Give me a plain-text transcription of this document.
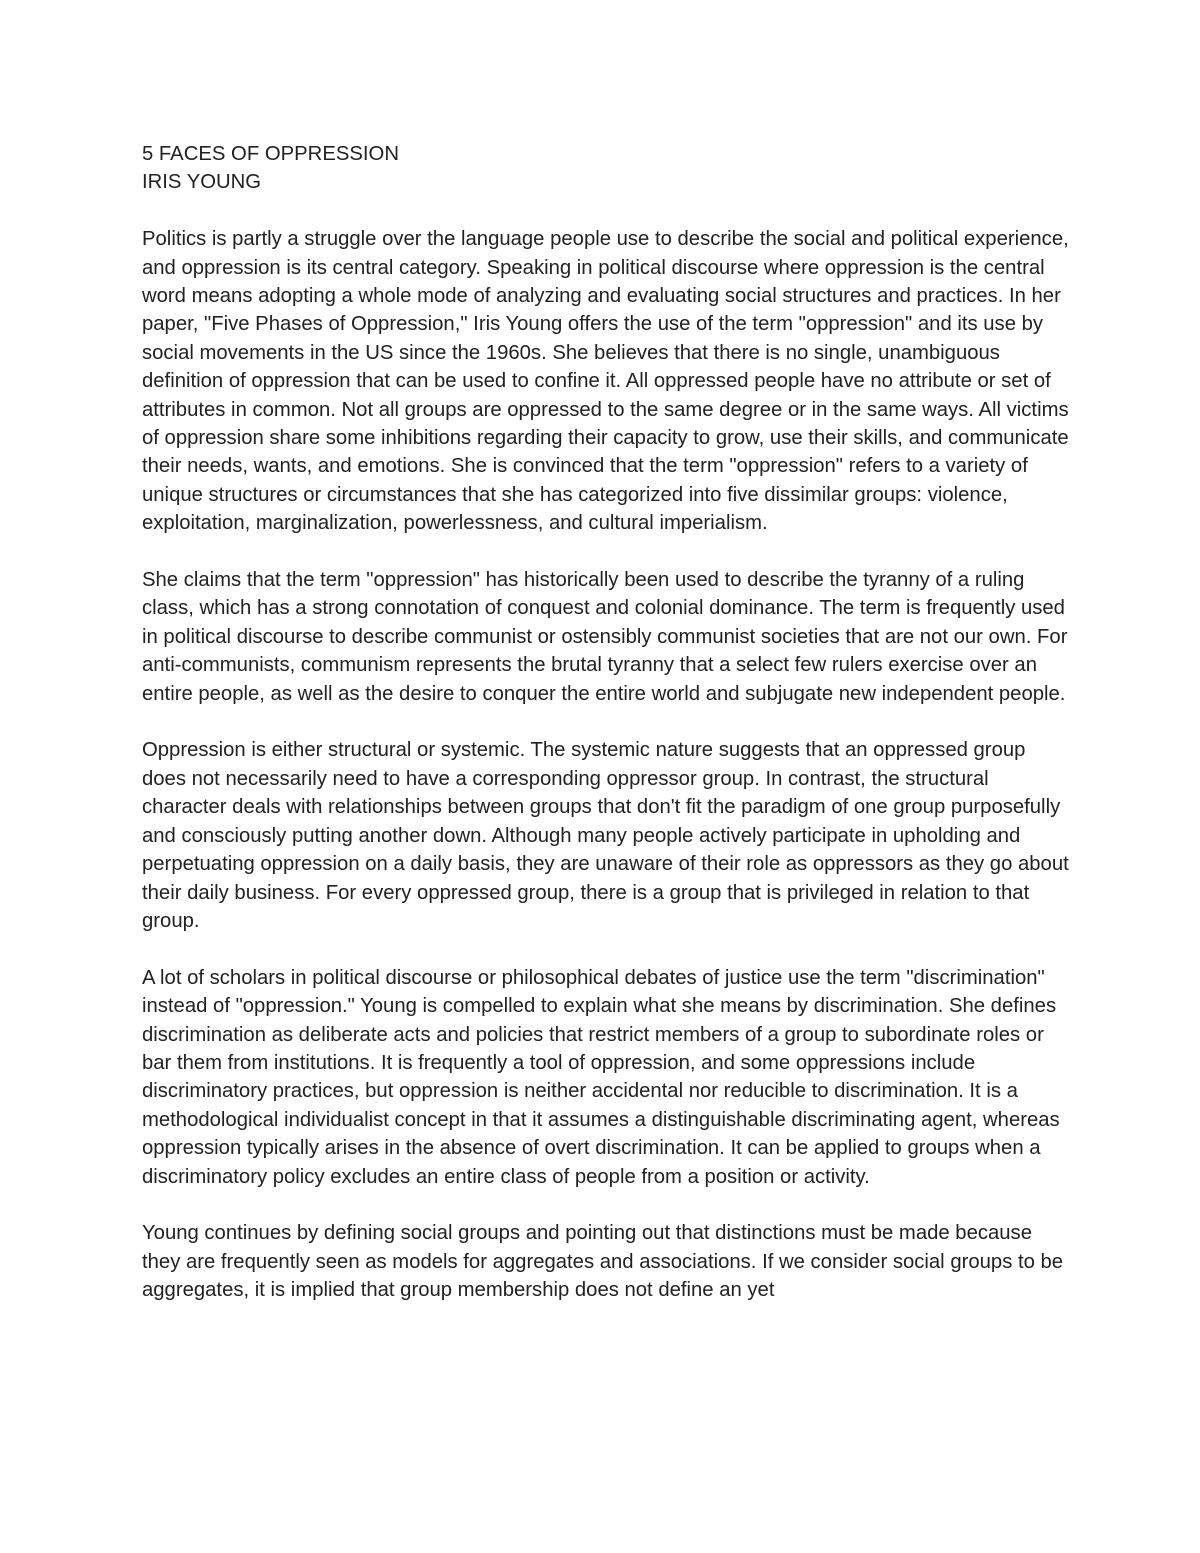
5 FACES OF OPPRESSION
IRIS YOUNG

Politics is partly a struggle over the language people use to describe the social and political experience, and oppression is its central category. Speaking in political discourse where oppression is the central word means adopting a whole mode of analyzing and evaluating social structures and practices. In her paper, "Five Phases of Oppression," Iris Young offers the use of the term "oppression" and its use by social movements in the US since the 1960s. She believes that there is no single, unambiguous definition of oppression that can be used to confine it. All oppressed people have no attribute or set of attributes in common. Not all groups are oppressed to the same degree or in the same ways. All victims of oppression share some inhibitions regarding their capacity to grow, use their skills, and communicate their needs, wants, and emotions. She is convinced that the term "oppression" refers to a variety of unique structures or circumstances that she has categorized into five dissimilar groups: violence, exploitation, marginalization, powerlessness, and cultural imperialism.

She claims that the term "oppression" has historically been used to describe the tyranny of a ruling class, which has a strong connotation of conquest and colonial dominance. The term is frequently used in political discourse to describe communist or ostensibly communist societies that are not our own. For anti-communists, communism represents the brutal tyranny that a select few rulers exercise over an entire people, as well as the desire to conquer the entire world and subjugate new independent people.

Oppression is either structural or systemic. The systemic nature suggests that an oppressed group does not necessarily need to have a corresponding oppressor group. In contrast, the structural character deals with relationships between groups that don't fit the paradigm of one group purposefully and consciously putting another down. Although many people actively participate in upholding and perpetuating oppression on a daily basis, they are unaware of their role as oppressors as they go about their daily business. For every oppressed group, there is a group that is privileged in relation to that group.

A lot of scholars in political discourse or philosophical debates of justice use the term "discrimination" instead of "oppression." Young is compelled to explain what she means by discrimination. She defines discrimination as deliberate acts and policies that restrict members of a group to subordinate roles or bar them from institutions. It is frequently a tool of oppression, and some oppressions include discriminatory practices, but oppression is neither accidental nor reducible to discrimination. It is a methodological individualist concept in that it assumes a distinguishable discriminating agent, whereas oppression typically arises in the absence of overt discrimination. It can be applied to groups when a discriminatory policy excludes an entire class of people from a position or activity.

Young continues by defining social groups and pointing out that distinctions must be made because they are frequently seen as models for aggregates and associations. If we consider social groups to be aggregates, it is implied that group membership does not define an yet
